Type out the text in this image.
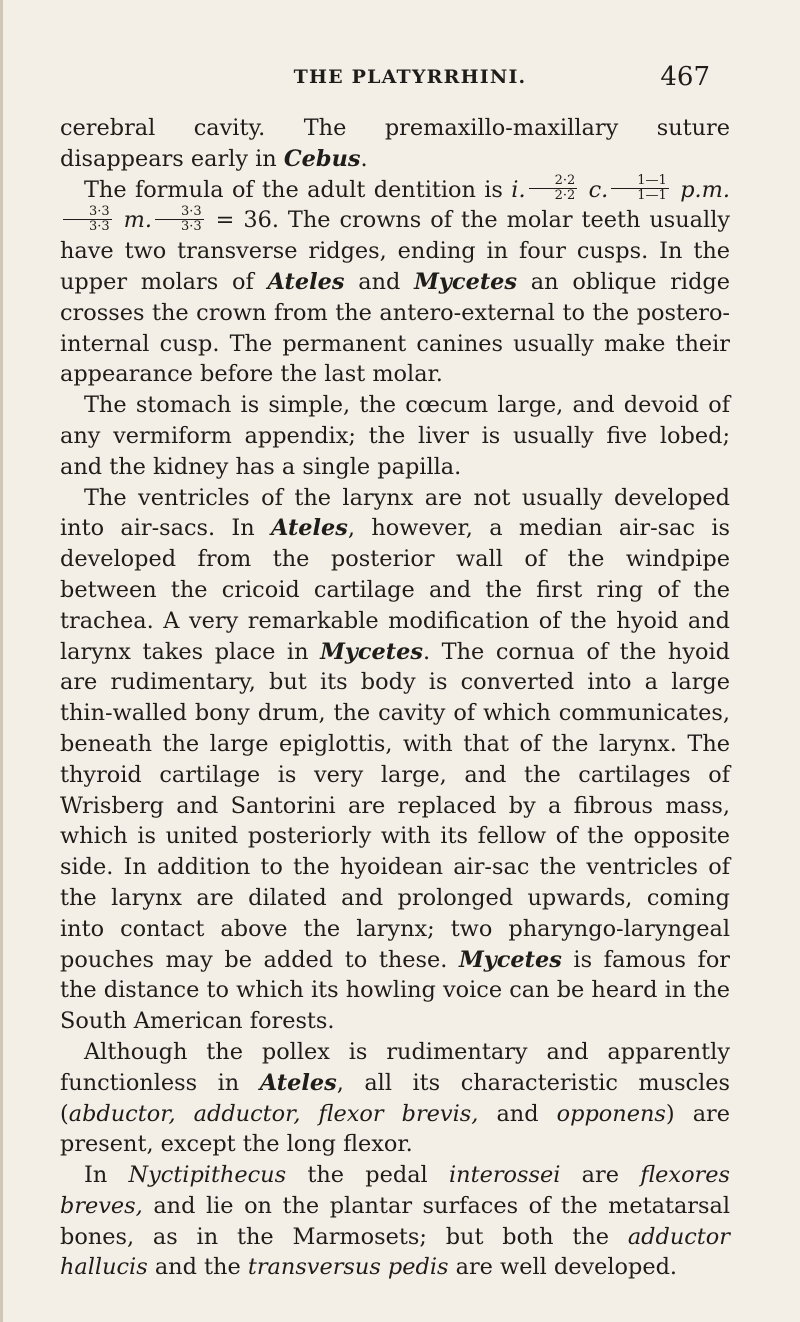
THE PLATYRRHINI.	467

cerebral cavity. The premaxillo-maxillary suture disappears early in Cebus.

The formula of the adult dentition is i. $\frac{2\cdot 2}{2\cdot 2} c$. $\frac{1—1}{1—1} p.m$.
$\frac{3\cdot 3}{3\cdot 3} m$. $\frac{3\cdot 3}{3\cdot 3} = 36$. The crowns of the molar teeth usually have two transverse ridges, ending in four cusps. In the upper molars of Ateles and Mycetes an oblique ridge crosses the crown from the antero-external to the postero-internal cusp. The permanent canines usually make their appearance before the last molar.

The stomach is simple, the cœcum large, and devoid of any vermiform appendix; the liver is usually five lobed; and the kidney has a single papilla.

The ventricles of the larynx are not usually developed into air-sacs. In Ateles, however, a median air-sac is developed from the posterior wall of the windpipe between the cricoid cartilage and the first ring of the trachea. A very remarkable modification of the hyoid and larynx takes place in Mycetes. The cornua of the hyoid are rudimentary, but its body is converted into a large thin-walled bony drum, the cavity of which communicates, beneath the large epiglottis, with that of the larynx. The thyroid cartilage is very large, and the cartilages of Wrisberg and Santorini are replaced by a fibrous mass, which is united posteriorly with its fellow of the opposite side. In addition to the hyoidean air-sac the ventricles of the larynx are dilated and prolonged upwards, coming into contact above the larynx; two pharyngo-laryngeal pouches may be added to these. Mycetes is famous for the distance to which its howling voice can be heard in the South American forests.

Although the pollex is rudimentary and apparently functionless in Ateles, all its characteristic muscles (abductor, adductor, flexor brevis, and opponens) are present, except the long flexor.

In Nyctipithecus the pedal interossei are flexores breves, and lie on the plantar surfaces of the metatarsal bones, as in the Marmosets; but both the adductor hallucis and the transversus pedis are well developed.
